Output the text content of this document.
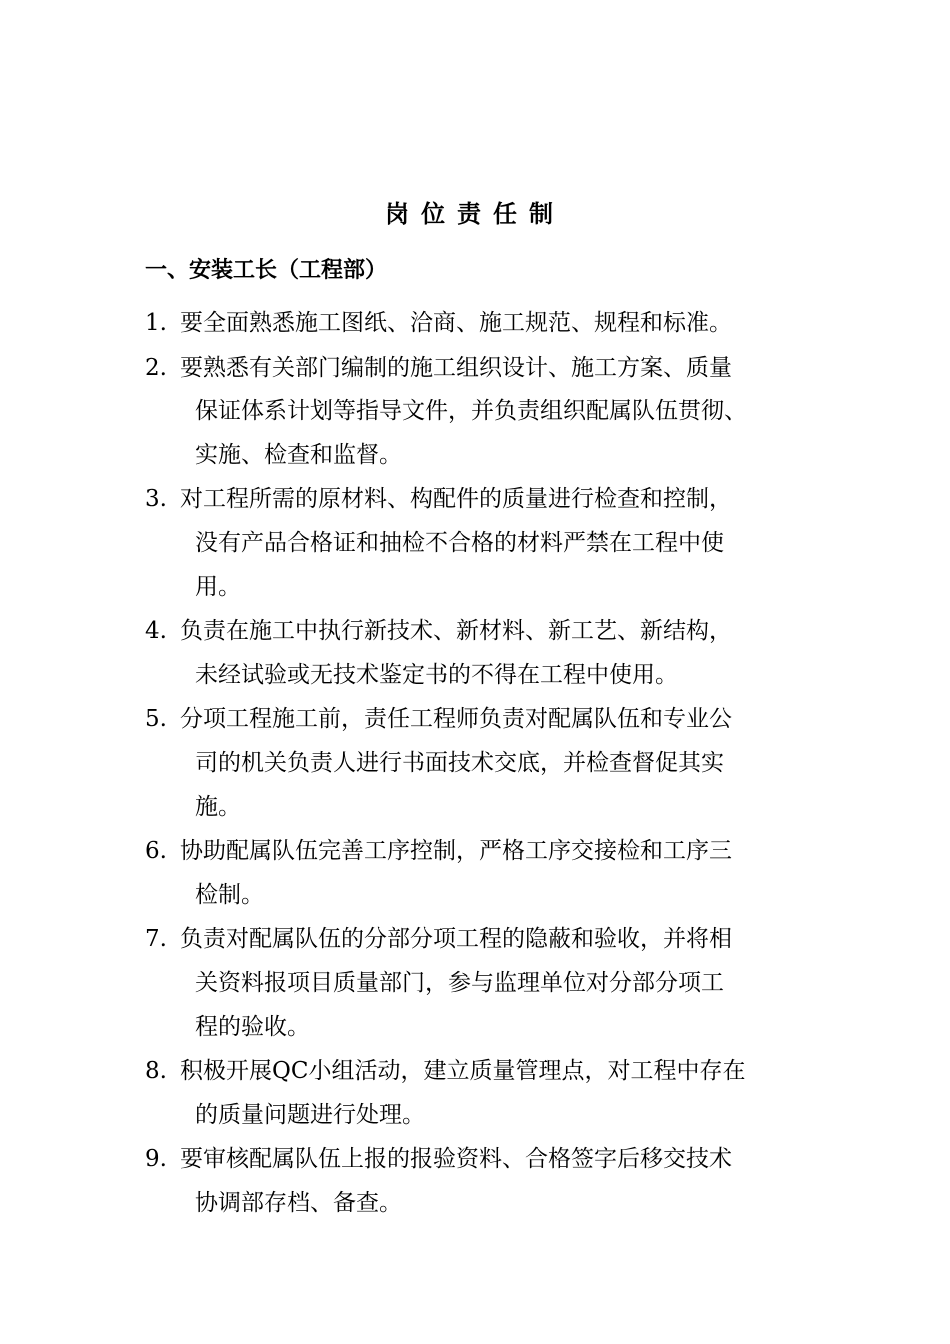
岗位责任制
一、安装工长（工程部）
1. 要全面熟悉施工图纸、洽商、施工规范、规程和标准。
2. 要熟悉有关部门编制的施工组织设计、施工方案、质量
保证体系计划等指导文件，并负责组织配属队伍贯彻、
实施、检查和监督。
3. 对工程所需的原材料、构配件的质量进行检查和控制，
没有产品合格证和抽检不合格的材料严禁在工程中使
用。
4. 负责在施工中执行新技术、新材料、新工艺、新结构，
未经试验或无技术鉴定书的不得在工程中使用。
5. 分项工程施工前，责任工程师负责对配属队伍和专业公
司的机关负责人进行书面技术交底，并检查督促其实
施。
6. 协助配属队伍完善工序控制，严格工序交接检和工序三
检制。
7. 负责对配属队伍的分部分项工程的隐蔽和验收，并将相
关资料报项目质量部门，参与监理单位对分部分项工
程的验收。
8. 积极开展QC小组活动，建立质量管理点，对工程中存在
的质量问题进行处理。
9. 要审核配属队伍上报的报验资料、合格签字后移交技术
协调部存档、备查。
